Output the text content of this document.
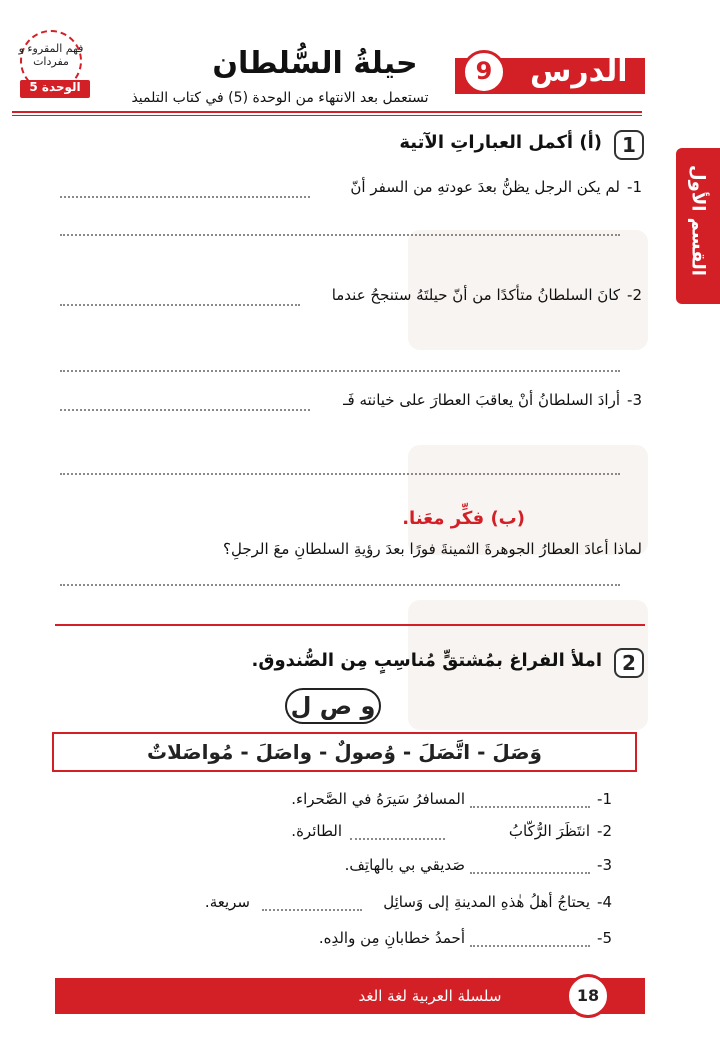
فهم المقروء و مفردات
الوحدة 5
حيلةُ السُّلطان
تستعمل بعد الانتهاء من الوحدة (5) في كتاب التلميذ
الدرس
9
القسم الأول
1
(أ) أكمل العباراتِ الآتية
1-
لم يكن الرجل يظنُّ بعدَ عودتهِ من السفر أنّ
2-
كانَ السلطانُ متأكدًا من أنّ حيلتَهُ ستنجحُ عندما
3-
أرادَ السلطانُ أنْ يعاقبَ العطارَ على خيانته فَـ
(ب) فكِّر معَنا.
لماذا أعادَ العطارُ الجوهرةَ الثمينةَ فورًا بعدَ رؤيةِ السلطانِ معَ الرجلِ؟
2
املأ الفراغ بمُشتقٍّ مُناسِبٍ مِن الصُّندوق.
و ص ل
وَصَلَ - اتَّصَلَ - وُصولٌ - واصَلَ - مُواصَلاتٌ
1-
المسافرُ سَيرَهُ في الصَّحراء.
2-
انتَظَرَ الرُّكّابُ
الطائرة.
3-
صَديقي بي بالهاتِف.
4-
يحتاجُ أهلُ هٰذهِ المدينةِ إلى وَسائِل
سريعة.
5-
أحمدُ خطابانِ مِن والدِه.
سلسلة العربية لغة الغد	18
